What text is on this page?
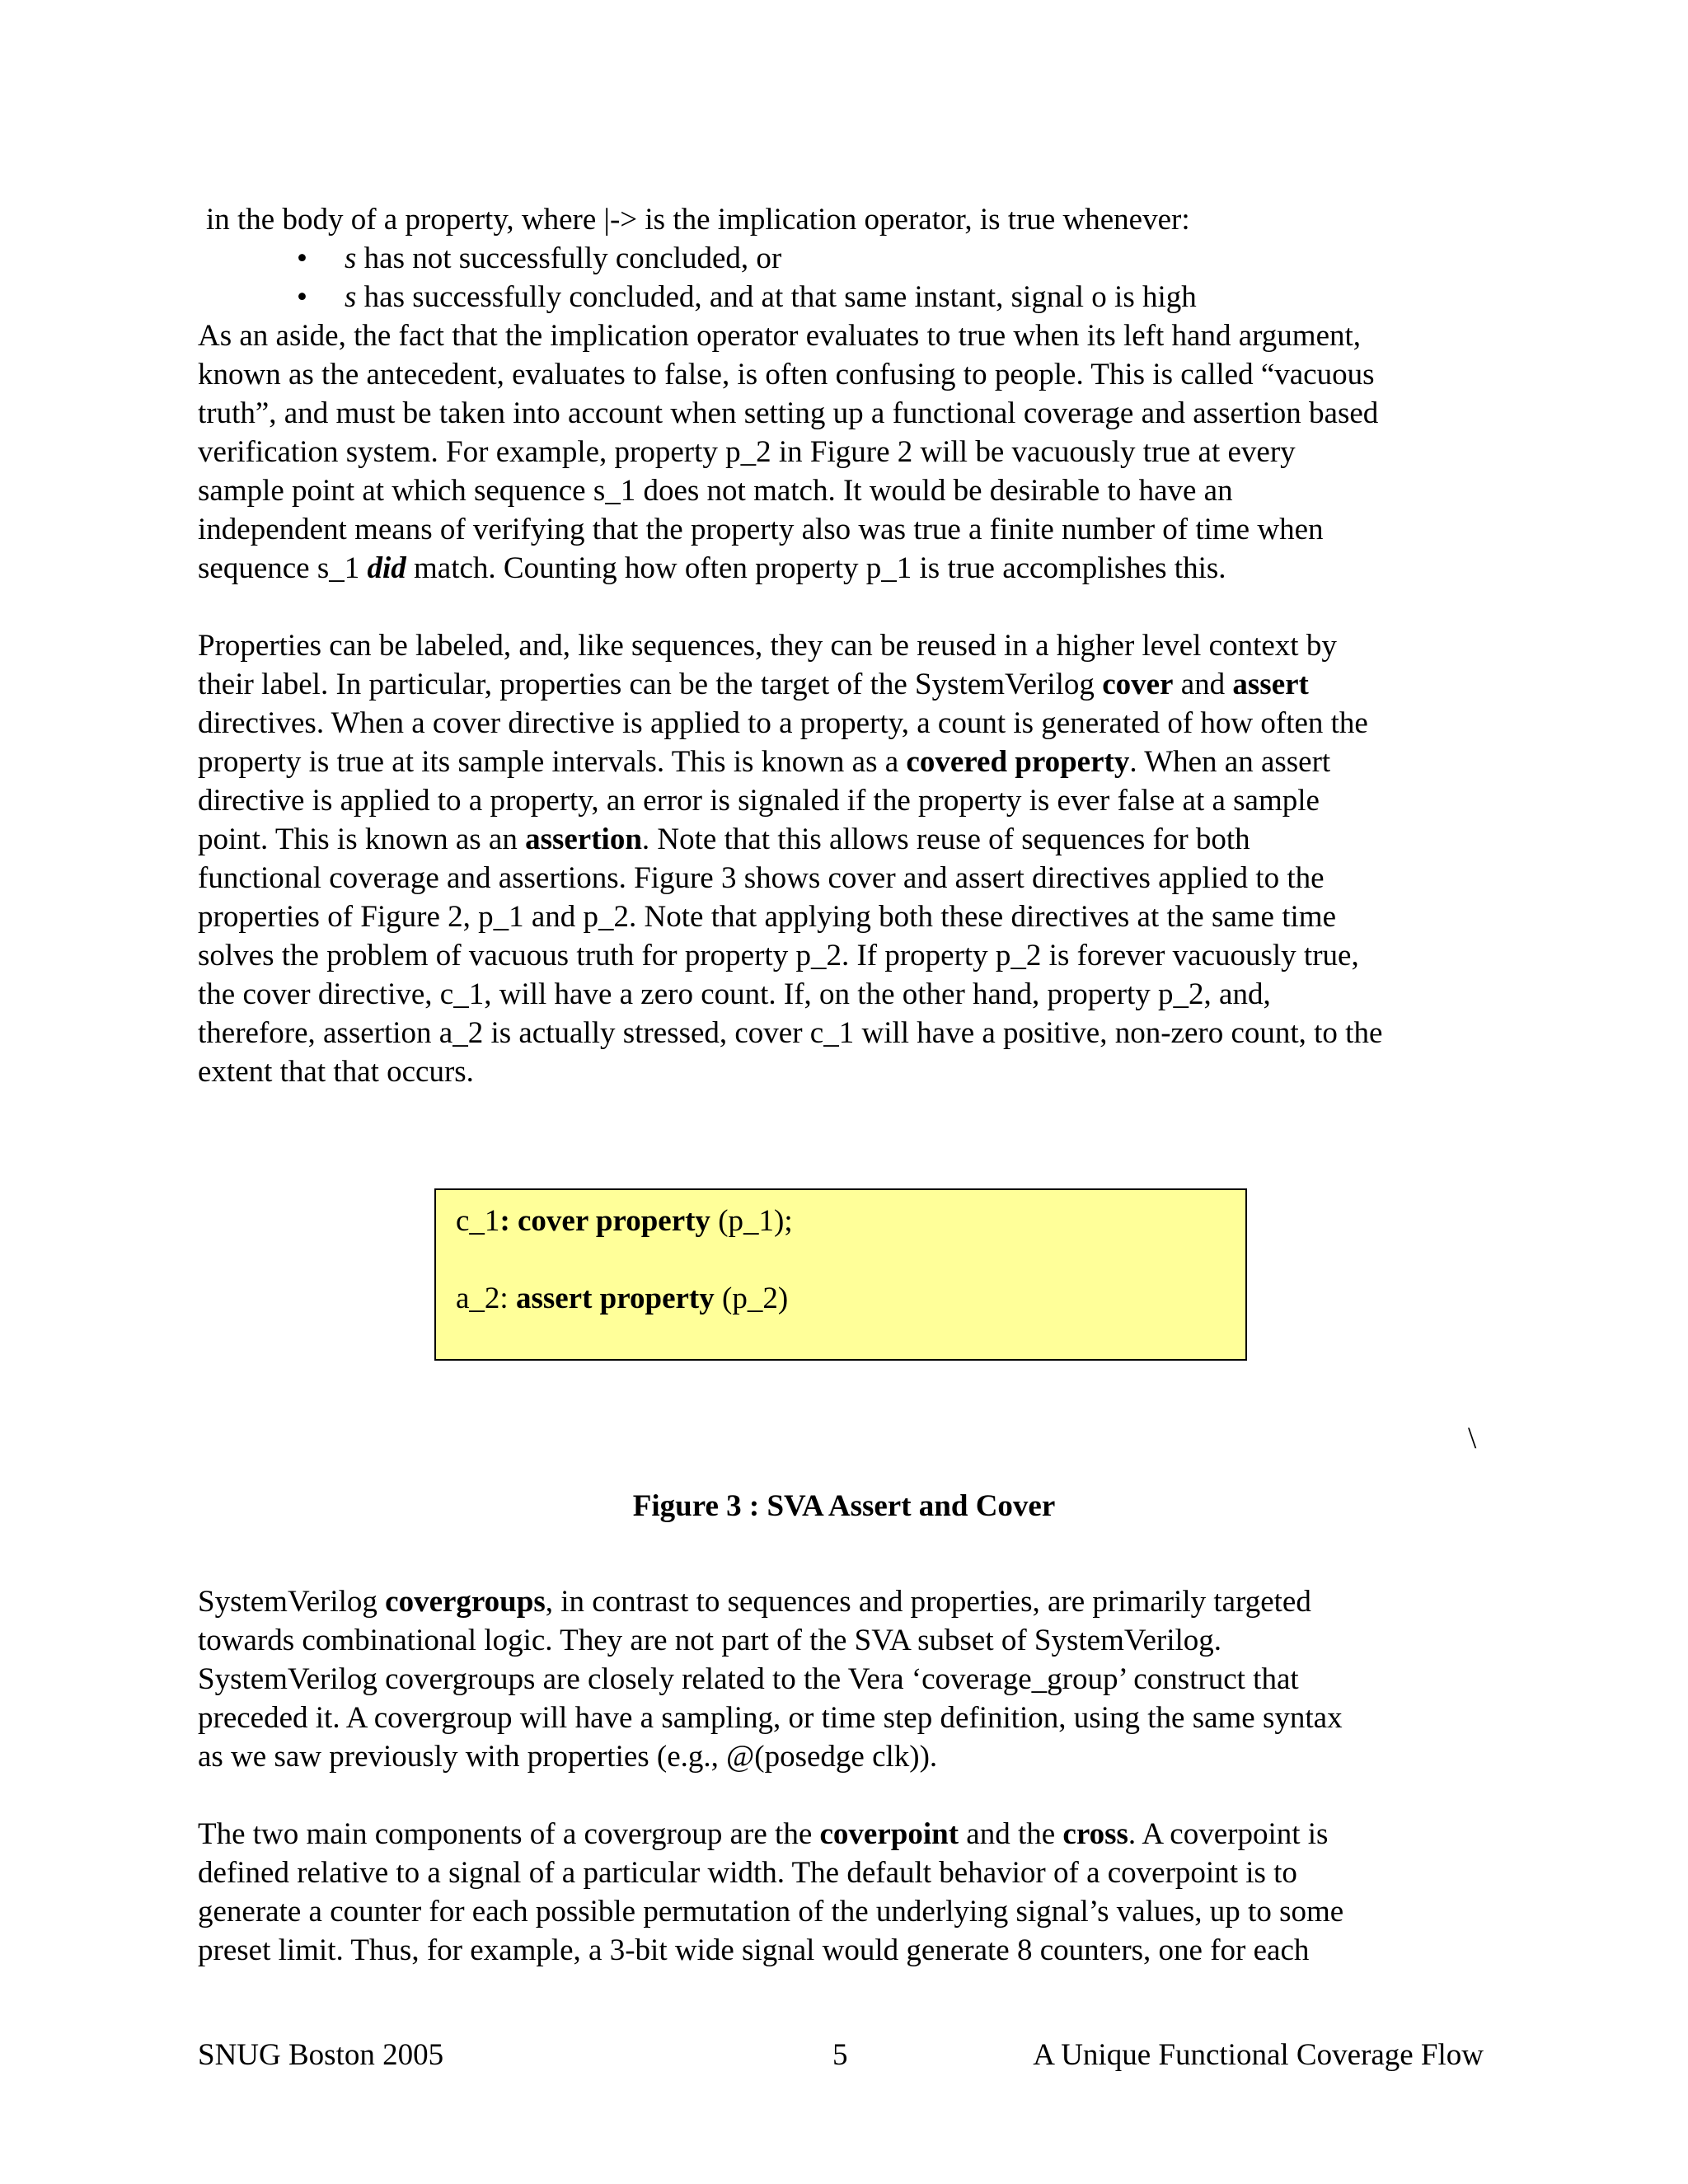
in the body of a property, where |-> is the implication operator, is true whenever:
• s has not successfully concluded, or
• s has successfully concluded, and at that same instant, signal o is high
As an aside, the fact that the implication operator evaluates to true when its left hand argument,
known as the antecedent, evaluates to false, is often confusing to people. This is called “vacuous
truth”, and must be taken into account when setting up a functional coverage and assertion based
verification system. For example, property p_2 in Figure 2 will be vacuously true at every
sample point at which sequence s_1 does not match. It would be desirable to have an
independent means of verifying that the property also was true a finite number of time when
sequence s_1 did match. Counting how often property p_1 is true accomplishes this.
Properties can be labeled, and, like sequences, they can be reused in a higher level context by
their label. In particular, properties can be the target of the SystemVerilog cover and assert
directives. When a cover directive is applied to a property, a count is generated of how often the
property is true at its sample intervals. This is known as a covered property. When an assert
directive is applied to a property, an error is signaled if the property is ever false at a sample
point. This is known as an assertion. Note that this allows reuse of sequences for both
functional coverage and assertions. Figure 3 shows cover and assert directives applied to the
properties of Figure 2, p_1 and p_2. Note that applying both these directives at the same time
solves the problem of vacuous truth for property p_2. If property p_2 is forever vacuously true,
the cover directive, c_1, will have a zero count. If, on the other hand, property p_2, and,
therefore, assertion a_2 is actually stressed, cover c_1 will have a positive, non-zero count, to the
extent that that occurs.
c_1: cover property (p_1);
a_2: assert property (p_2)
\
Figure 3 : SVA Assert and Cover
SystemVerilog covergroups, in contrast to sequences and properties, are primarily targeted
towards combinational logic. They are not part of the SVA subset of SystemVerilog.
SystemVerilog covergroups are closely related to the Vera ‘coverage_group’ construct that
preceded it. A covergroup will have a sampling, or time step definition, using the same syntax
as we saw previously with properties (e.g., @(posedge clk)).
The two main components of a covergroup are the coverpoint and the cross. A coverpoint is
defined relative to a signal of a particular width. The default behavior of a coverpoint is to
generate a counter for each possible permutation of the underlying signal’s values, up to some
preset limit. Thus, for example, a 3-bit wide signal would generate 8 counters, one for each
SNUG Boston 2005	5	A Unique Functional Coverage Flow
